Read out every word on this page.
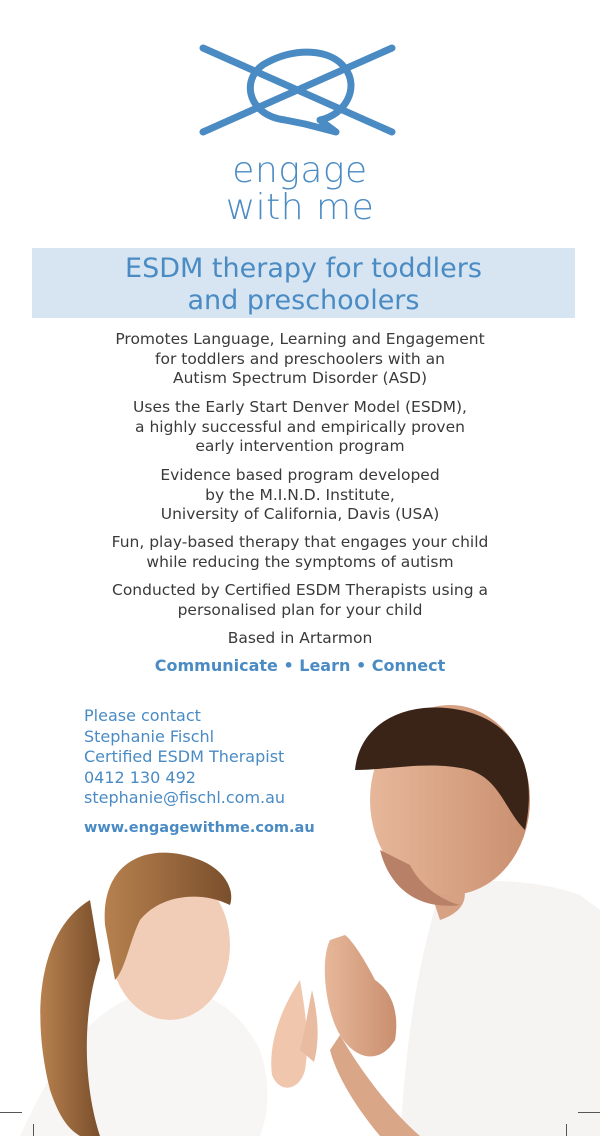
engage
with me
ESDM therapy for toddlers
and preschoolers
Promotes Language, Learning and Engagement
for toddlers and preschoolers with an
Autism Spectrum Disorder (ASD)
Uses the Early Start Denver Model (ESDM),
a highly successful and empirically proven
early intervention program
Evidence based program developed
by the M.I.N.D. Institute,
University of California, Davis (USA)
Fun, play-based therapy that engages your child
while reducing the symptoms of autism
Conducted by Certified ESDM Therapists using a
personalised plan for your child
Based in Artarmon
Communicate • Learn • Connect
Please contact
Stephanie Fischl
Certified ESDM Therapist
0412 130 492
stephanie@fischl.com.au
www.engagewithme.com.au
